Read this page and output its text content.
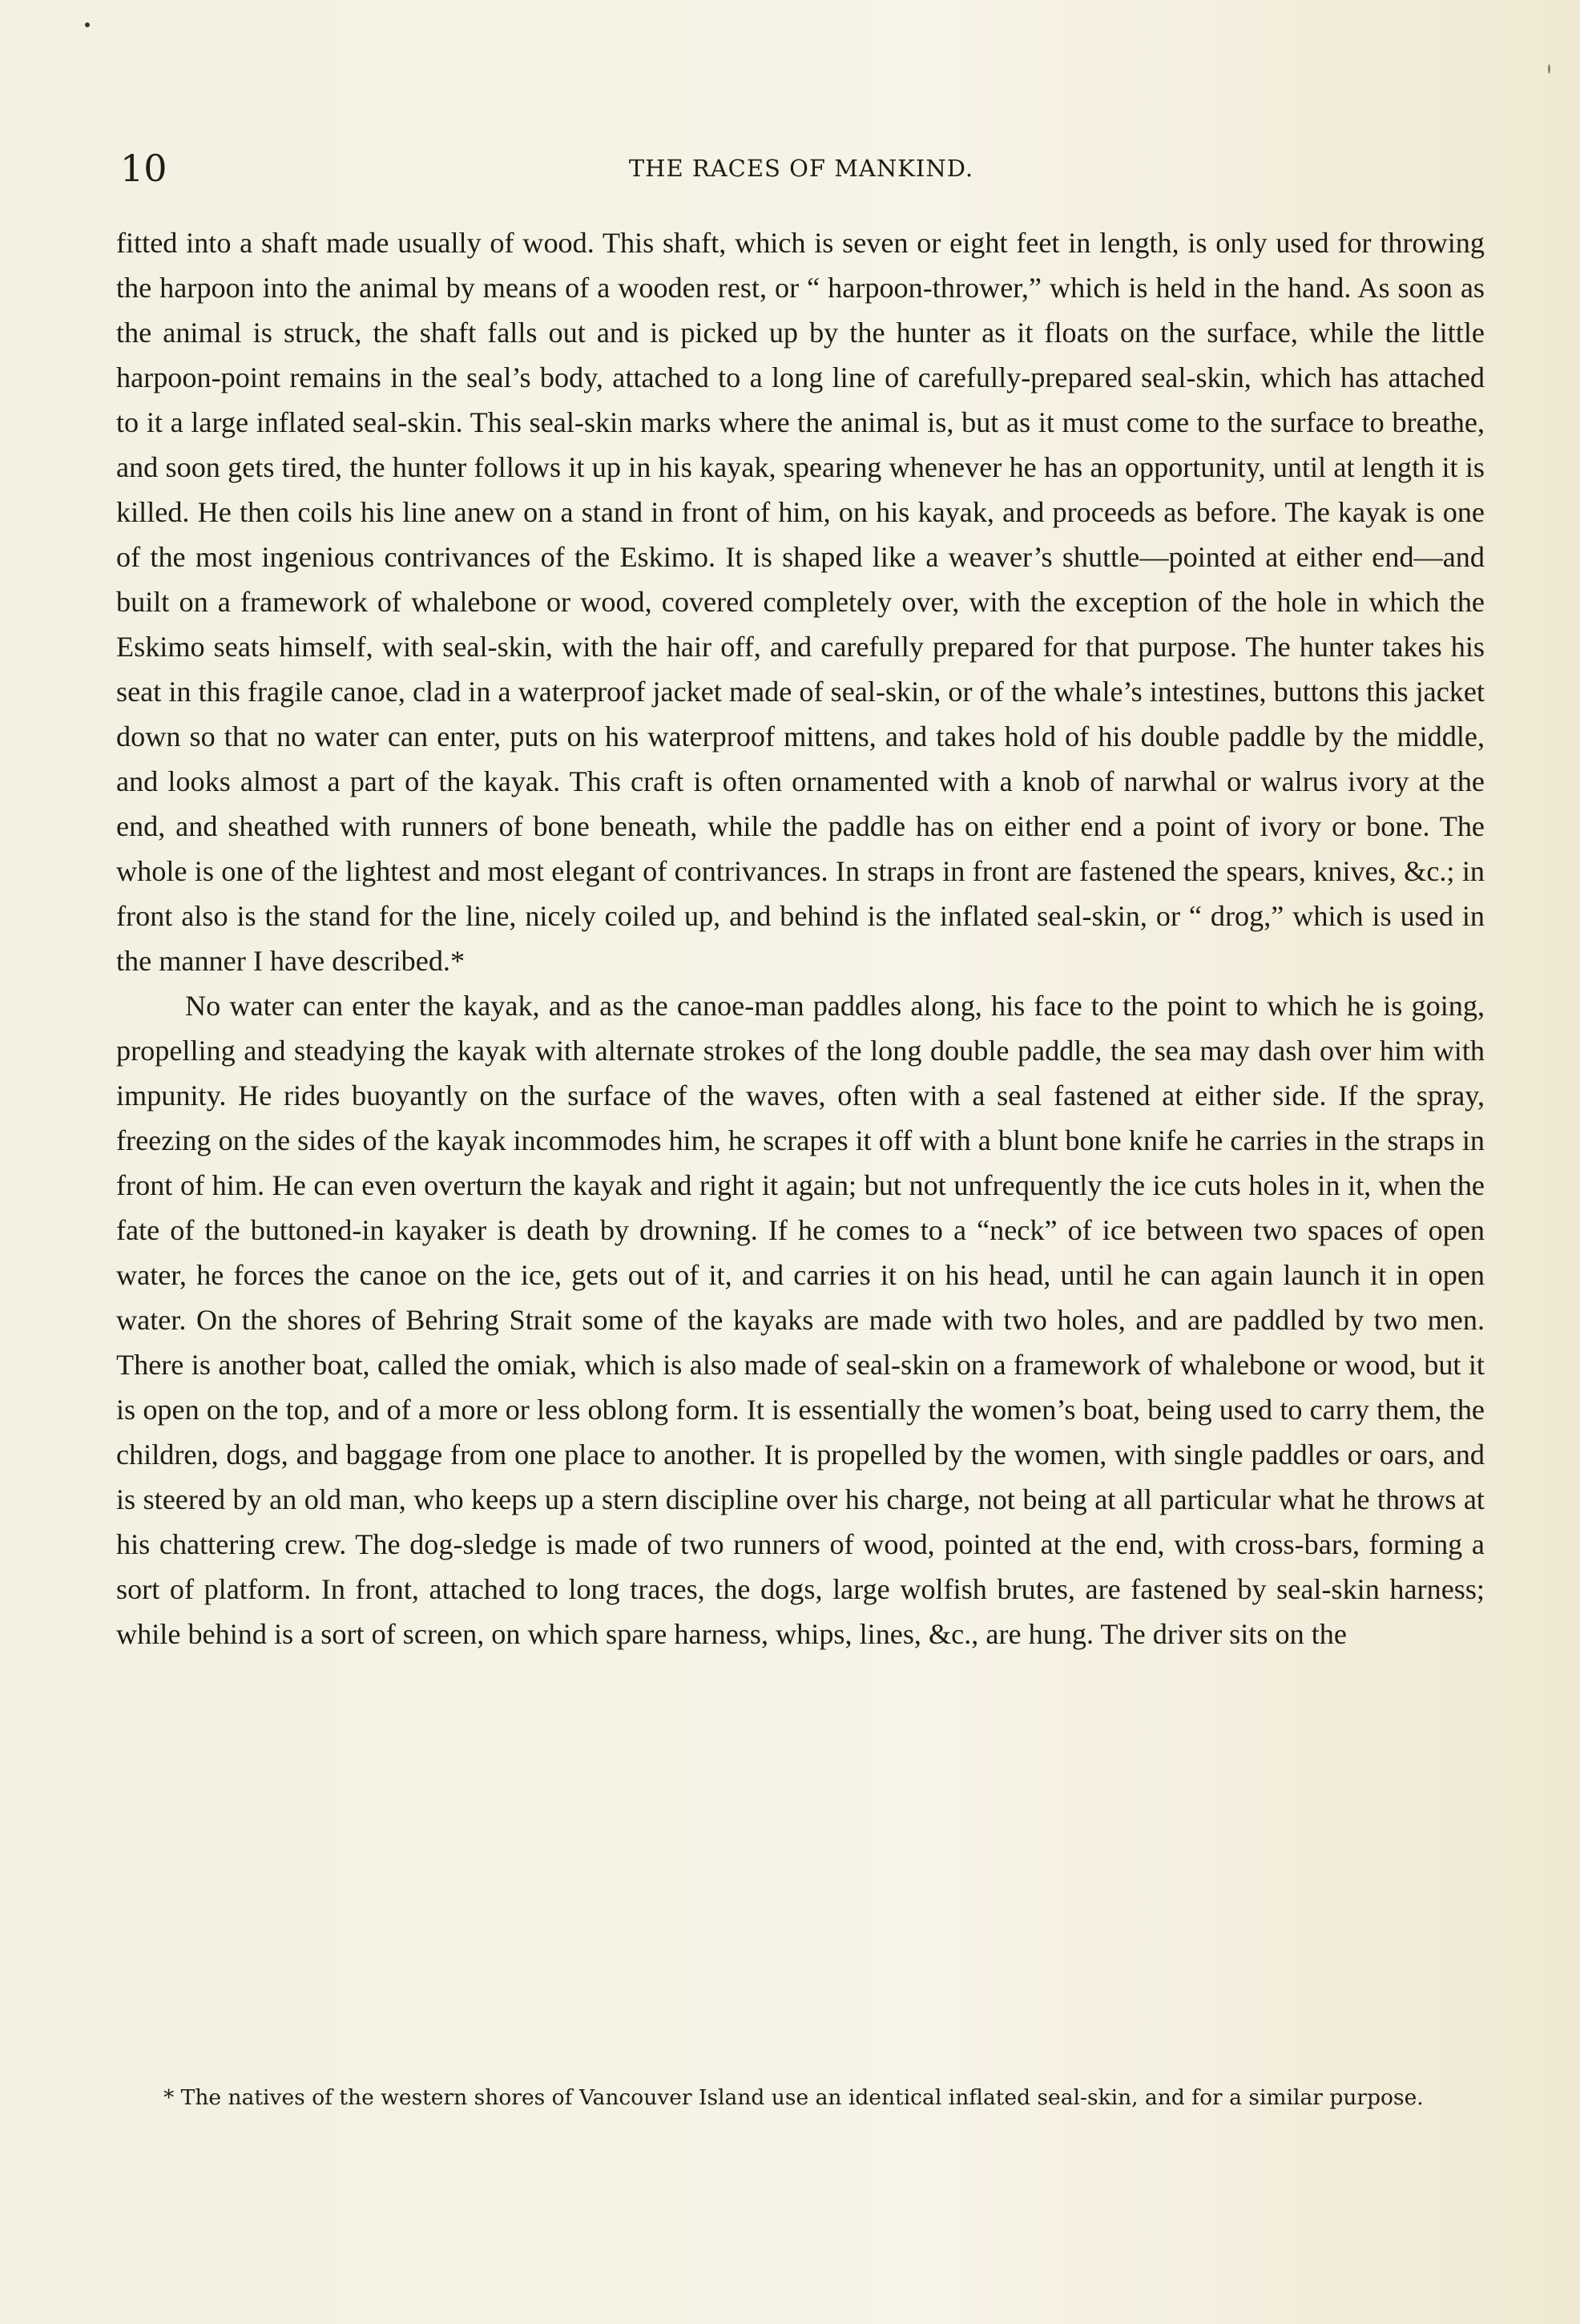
10	THE RACES OF MANKIND.

fitted into a shaft made usually of wood. This shaft, which is seven or eight feet in length, is only used for throwing the harpoon into the animal by means of a wooden rest, or “ harpoon-thrower,” which is held in the hand. As soon as the animal is struck, the shaft falls out and is picked up by the hunter as it floats on the surface, while the little harpoon-point remains in the seal’s body, attached to a long line of carefully-prepared seal-skin, which has attached to it a large inflated seal-skin. This seal-skin marks where the animal is, but as it must come to the surface to breathe, and soon gets tired, the hunter follows it up in his kayak, spearing whenever he has an opportunity, until at length it is killed. He then coils his line anew on a stand in front of him, on his kayak, and proceeds as before. The kayak is one of the most ingenious contrivances of the Eskimo. It is shaped like a weaver’s shuttle—pointed at either end—and built on a framework of whalebone or wood, covered completely over, with the exception of the hole in which the Eskimo seats himself, with seal-skin, with the hair off, and carefully prepared for that purpose. The hunter takes his seat in this fragile canoe, clad in a waterproof jacket made of seal-skin, or of the whale’s intestines, buttons this jacket down so that no water can enter, puts on his waterproof mittens, and takes hold of his double paddle by the middle, and looks almost a part of the kayak. This craft is often ornamented with a knob of narwhal or walrus ivory at the end, and sheathed with runners of bone beneath, while the paddle has on either end a point of ivory or bone. The whole is one of the lightest and most elegant of contrivances. In straps in front are fastened the spears, knives, &c.; in front also is the stand for the line, nicely coiled up, and behind is the inflated seal-skin, or “ drog,” which is used in the manner I have described.*

No water can enter the kayak, and as the canoe-man paddles along, his face to the point to which he is going, propelling and steadying the kayak with alternate strokes of the long double paddle, the sea may dash over him with impunity. He rides buoyantly on the surface of the waves, often with a seal fastened at either side. If the spray, freezing on the sides of the kayak incommodes him, he scrapes it off with a blunt bone knife he carries in the straps in front of him. He can even overturn the kayak and right it again; but not unfrequently the ice cuts holes in it, when the fate of the buttoned-in kayaker is death by drowning. If he comes to a “neck” of ice between two spaces of open water, he forces the canoe on the ice, gets out of it, and carries it on his head, until he can again launch it in open water. On the shores of Behring Strait some of the kayaks are made with two holes, and are paddled by two men. There is another boat, called the omiak, which is also made of seal-skin on a framework of whalebone or wood, but it is open on the top, and of a more or less oblong form. It is essentially the women’s boat, being used to carry them, the children, dogs, and baggage from one place to another. It is propelled by the women, with single paddles or oars, and is steered by an old man, who keeps up a stern discipline over his charge, not being at all particular what he throws at his chattering crew. The dog-sledge is made of two runners of wood, pointed at the end, with cross-bars, forming a sort of platform. In front, attached to long traces, the dogs, large wolfish brutes, are fastened by seal-skin harness; while behind is a sort of screen, on which spare harness, whips, lines, &c., are hung. The driver sits on the

* The natives of the western shores of Vancouver Island use an identical inflated seal-skin, and for a similar purpose.
